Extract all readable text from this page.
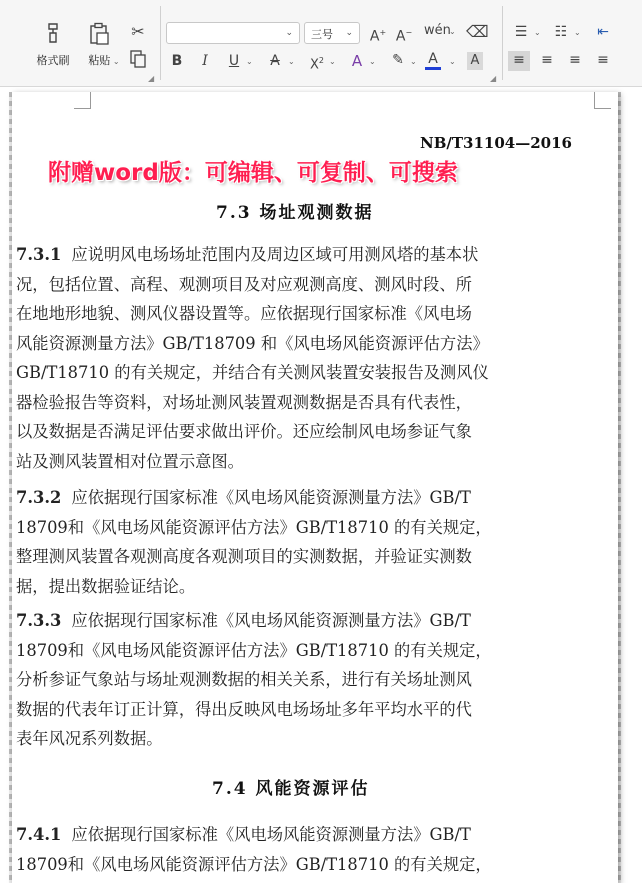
格式刷	粘贴 ⌄
✂
◢
⌄ 三号 ⌄ A+ A− wén
⌄ ⌫
B	I	U ⌄	A	⌄	$X^2$ ⌄	A ⌄	✎ ⌄ A	⌄ A
◢
☰ ⌄	☷ ⌄	⇤
≡	≡	≡	≡
NB/T31104—2016
附赠word版：可编辑、可复制、可搜索
7.3 场址观测数据
7.3.1 应说明风电场场址范围内及周边区域可用测风塔的基本状
况，包括位置、高程、观测项目及对应观测高度、测风时段、所
在地地形地貌、测风仪器设置等。应依据现行国家标准《风电场
风能资源测量方法》GB/T18709 和《风电场风能资源评估方法》
GB/T18710 的有关规定，并结合有关测风装置安装报告及测风仪
器检验报告等资料，对场址测风装置观测数据是否具有代表性，
以及数据是否满足评估要求做出评价。还应绘制风电场参证气象
站及测风装置相对位置示意图。
7.3.2 应依据现行国家标准《风电场风能资源测量方法》GB/T
18709和《风电场风能资源评估方法》GB/T18710 的有关规定，
整理测风装置各观测高度各观测项目的实测数据，并验证实测数
据，提出数据验证结论。
7.3.3 应依据现行国家标准《风电场风能资源测量方法》GB/T
18709和《风电场风能资源评估方法》GB/T18710 的有关规定，
分析参证气象站与场址观测数据的相关关系，进行有关场址测风
数据的代表年订正计算，得出反映风电场场址多年平均水平的代
表年风况系列数据。
7.4 风能资源评估
7.4.1 应依据现行国家标准《风电场风能资源测量方法》GB/T
18709和《风电场风能资源评估方法》GB/T18710 的有关规定，
